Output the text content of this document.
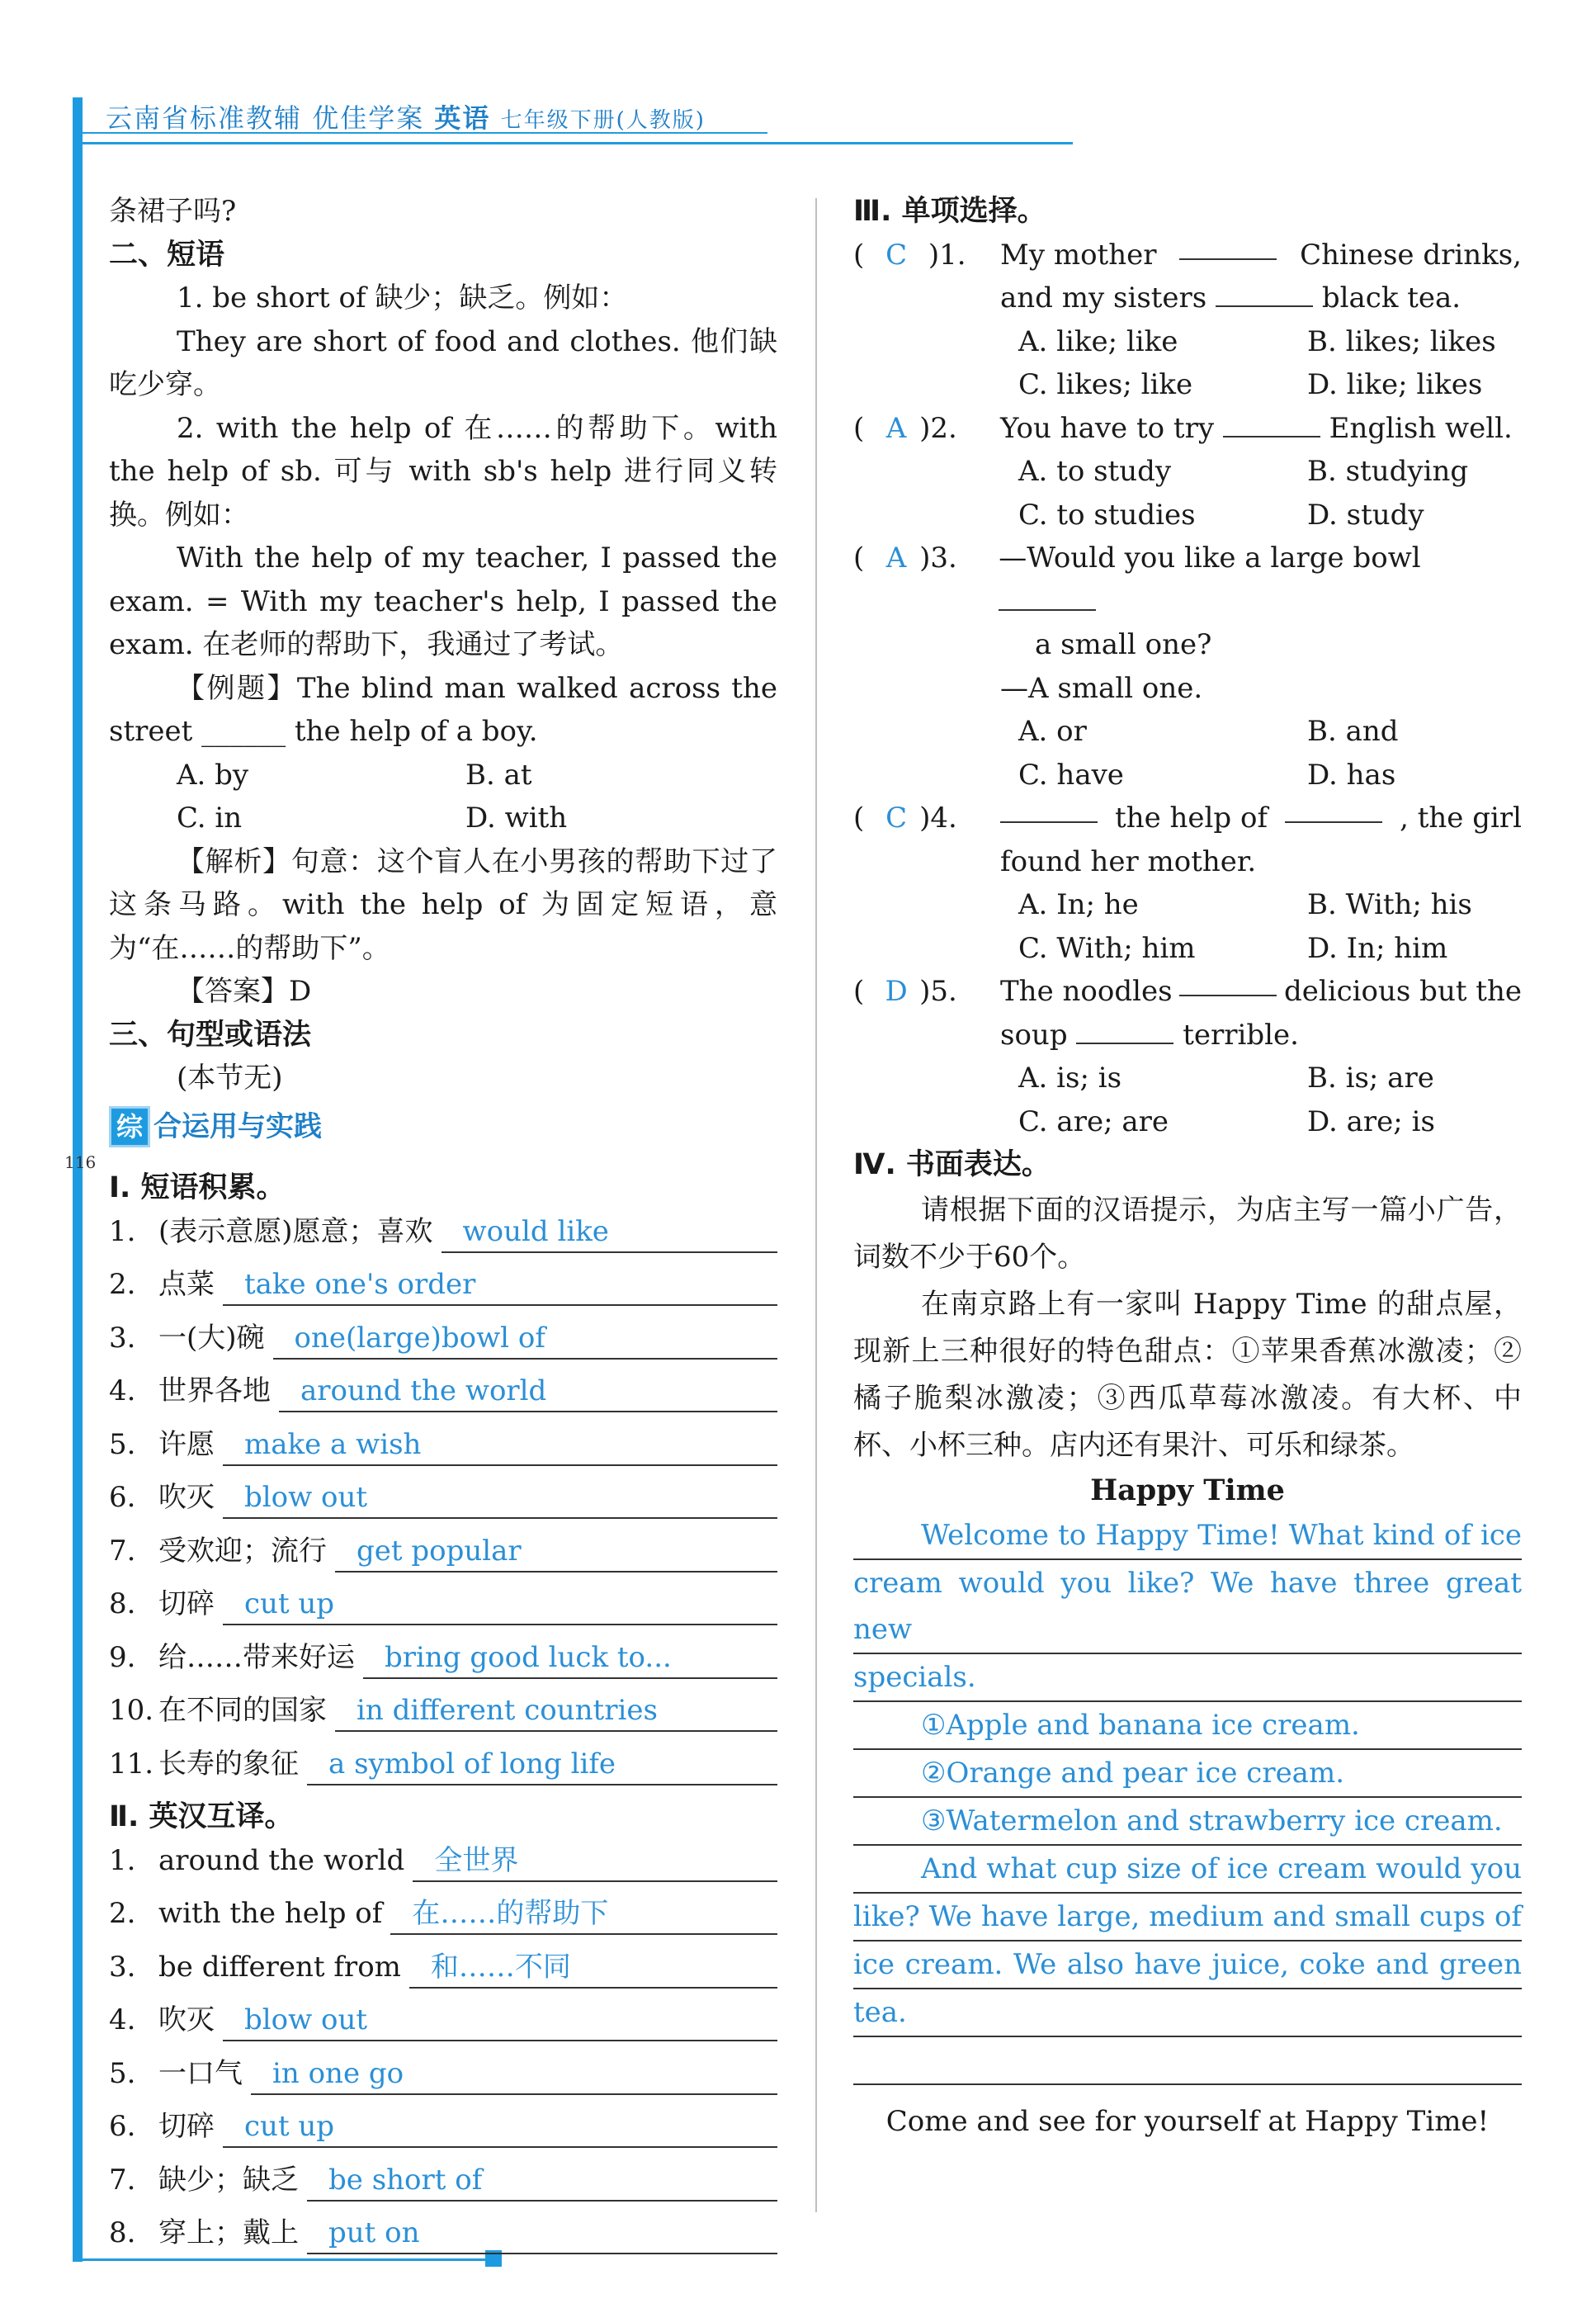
云南省标准教辅 优佳学案 英语 七年级下册(人教版)
116

条裙子吗?

二、短语

1. be short of 缺少；缺乏。例如：

They are short of food and clothes. 他们缺吃少穿。

2. with the help of 在……的帮助下。with the help of sb. 可与 with sb's help 进行同义转换。例如：

With the help of my teacher, I passed the exam. = With my teacher's help, I passed the exam. 在老师的帮助下，我通过了考试。

【例题】The blind man walked across the street ______ the help of a boy.

A. by	B. at
C. in	D. with

【解析】句意：这个盲人在小男孩的帮助下过了这条马路。with the help of 为固定短语，意为“在……的帮助下”。

【答案】D

三、句型或语法

(本节无)

综 合运用与实践

Ⅰ. 短语积累。

1. (表示意愿)愿意；喜欢	would like
2. 点菜	take one's order
3. 一(大)碗	one(large)bowl of
4. 世界各地	around the world
5. 许愿	make a wish
6. 吹灭	blow out
7. 受欢迎；流行	get popular
8. 切碎	cut up
9. 给……带来好运	bring good luck to...
10. 在不同的国家	in different countries
11. 长寿的象征	a symbol of long life

Ⅱ. 英汉互译。

1. around the world	全世界
2. with the help of	在……的帮助下
3. be different from	和……不同
4. 吹灭	blow out
5. 一口气	in one go
6. 切碎	cut up
7. 缺少；缺乏	be short of
8. 穿上；戴上	put on

Ⅲ. 单项选择。

( C )1.	My mother	Chinese drinks,
and my sisters	black tea.
A. like; like	B. likes; likes
C. likes; like	D. like; likes
( A )2.	You have to try	English well.
A. to study	B. studying
C. to studies	D. study
( A )3.	—Would you like a large bowl
a small one?
—A small one.
A. or	B. and
C. have	D. has
( C )4.	the help of	, the girl
found her mother.
A. In; he	B. With; his
C. With; him	D. In; him
( D )5.	The noodles	delicious but the
soup	terrible.
A. is; is	B. is; are
C. are; are	D. are; is

Ⅳ. 书面表达。

请根据下面的汉语提示，为店主写一篇小广告，词数不少于60个。

在南京路上有一家叫 Happy Time 的甜点屋，现新上三种很好的特色甜点：①苹果香蕉冰激凌；②橘子脆梨冰激凌；③西瓜草莓冰激凌。有大杯、中杯、小杯三种。店内还有果汁、可乐和绿茶。

Happy Time

Welcome to Happy Time! What kind of ice
cream would you like? We have three great new
specials.
①Apple and banana ice cream.
②Orange and pear ice cream.
③Watermelon and strawberry ice cream.
And what cup size of ice cream would you
like? We have large, medium and small cups of
ice cream. We also have juice, coke and green
tea.

Come and see for yourself at Happy Time!
